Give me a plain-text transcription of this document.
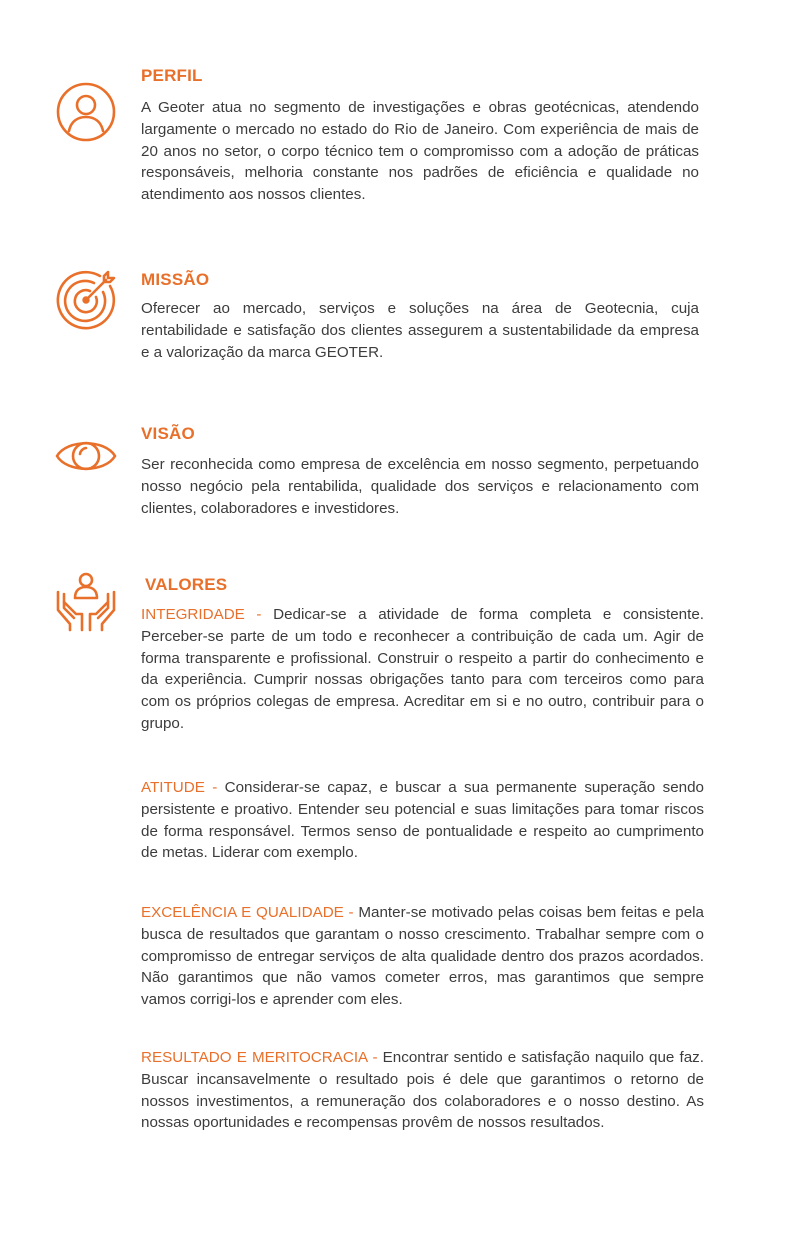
PERFIL

A Geoter atua no segmento de investigações e obras geotécnicas, atendendo largamente o mercado no estado do Rio de Janeiro. Com experiência de mais de 20 anos no setor, o corpo técnico tem o compromisso com a adoção de práticas responsáveis, melhoria constante nos padrões de eficiência e qualidade no atendimento aos nossos clientes.

MISSÃO

Oferecer ao mercado, serviços e soluções na área de Geotecnia, cuja rentabilidade e satisfação dos clientes assegurem a sustentabilidade da empresa e a valorização da marca GEOTER.

VISÃO

Ser reconhecida como empresa de excelência em nosso segmento, perpetuando nosso negócio pela rentabilida, qualidade dos serviços e relacionamento com clientes, colaboradores e investidores.

VALORES

INTEGRIDADE - Dedicar-se a atividade de forma completa e consistente. Perceber-se parte de um todo e reconhecer a contribuição de cada um. Agir de forma transparente e profissional. Construir o respeito a partir do conhecimento e da experiência. Cumprir nossas obrigações tanto para com terceiros como para com os próprios colegas de empresa. Acreditar em si e no outro, contribuir para o grupo.

ATITUDE - Considerar-se capaz, e buscar a sua permanente superação sendo persistente e proativo. Entender seu potencial e suas limitações para tomar riscos de forma responsável. Termos senso de pontualidade e respeito ao cumprimento de metas. Liderar com exemplo.

EXCELÊNCIA E QUALIDADE - Manter-se motivado pelas coisas bem feitas e pela busca de resultados que garantam o nosso crescimento. Trabalhar sempre com o compromisso de entregar serviços de alta qualidade dentro dos prazos acordados. Não garantimos que não vamos cometer erros, mas garantimos que sempre vamos corrigi-los e aprender com eles.

RESULTADO E MERITOCRACIA - Encontrar sentido e satisfação naquilo que faz. Buscar incansavelmente o resultado pois é dele que garantimos o retorno de nossos investimentos, a remuneração dos colaboradores e o nosso destino. As nossas oportunidades e recompensas provêm de nossos resultados.
